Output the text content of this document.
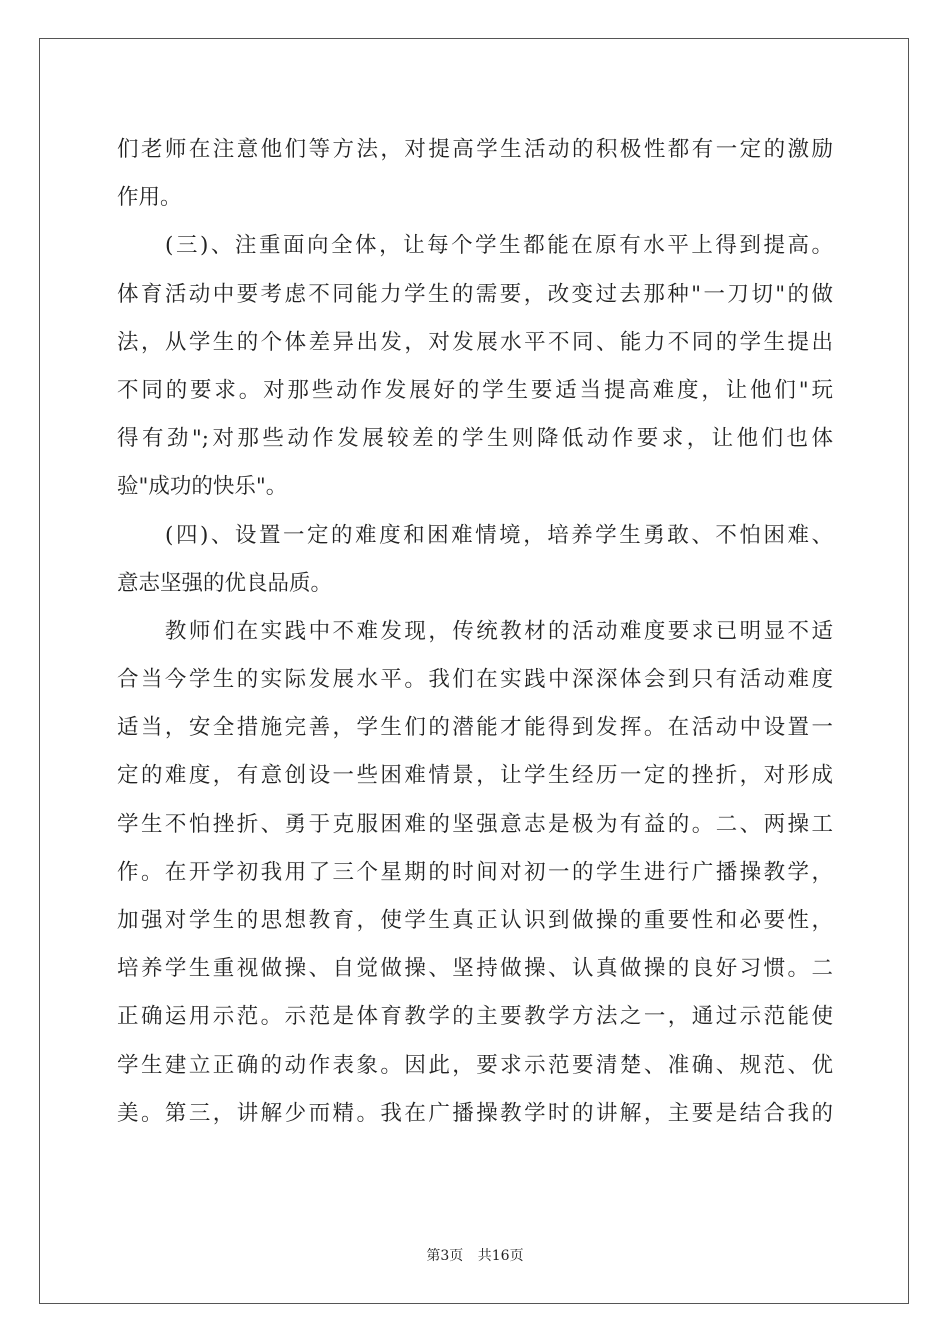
们老师在注意他们等方法，对提高学生活动的积极性都有一定的激励
作用。
　　(三)、注重面向全体，让每个学生都能在原有水平上得到提高。
体育活动中要考虑不同能力学生的需要，改变过去那种"一刀切"的做
法，从学生的个体差异出发，对发展水平不同、能力不同的学生提出
不同的要求。对那些动作发展好的学生要适当提高难度，让他们"玩
得有劲";对那些动作发展较差的学生则降低动作要求，让他们也体
验"成功的快乐"。
　　(四)、设置一定的难度和困难情境，培养学生勇敢、不怕困难、
意志坚强的优良品质。
　　教师们在实践中不难发现，传统教材的活动难度要求已明显不适
合当今学生的实际发展水平。我们在实践中深深体会到只有活动难度
适当，安全措施完善，学生们的潜能才能得到发挥。在活动中设置一
定的难度，有意创设一些困难情景，让学生经历一定的挫折，对形成
学生不怕挫折、勇于克服困难的坚强意志是极为有益的。二、两操工
作。在开学初我用了三个星期的时间对初一的学生进行广播操教学，
加强对学生的思想教育，使学生真正认识到做操的重要性和必要性，
培养学生重视做操、自觉做操、坚持做操、认真做操的良好习惯。二
正确运用示范。示范是体育教学的主要教学方法之一，通过示范能使
学生建立正确的动作表象。因此，要求示范要清楚、准确、规范、优
美。第三，讲解少而精。我在广播操教学时的讲解，主要是结合我的
第3页 共16页
